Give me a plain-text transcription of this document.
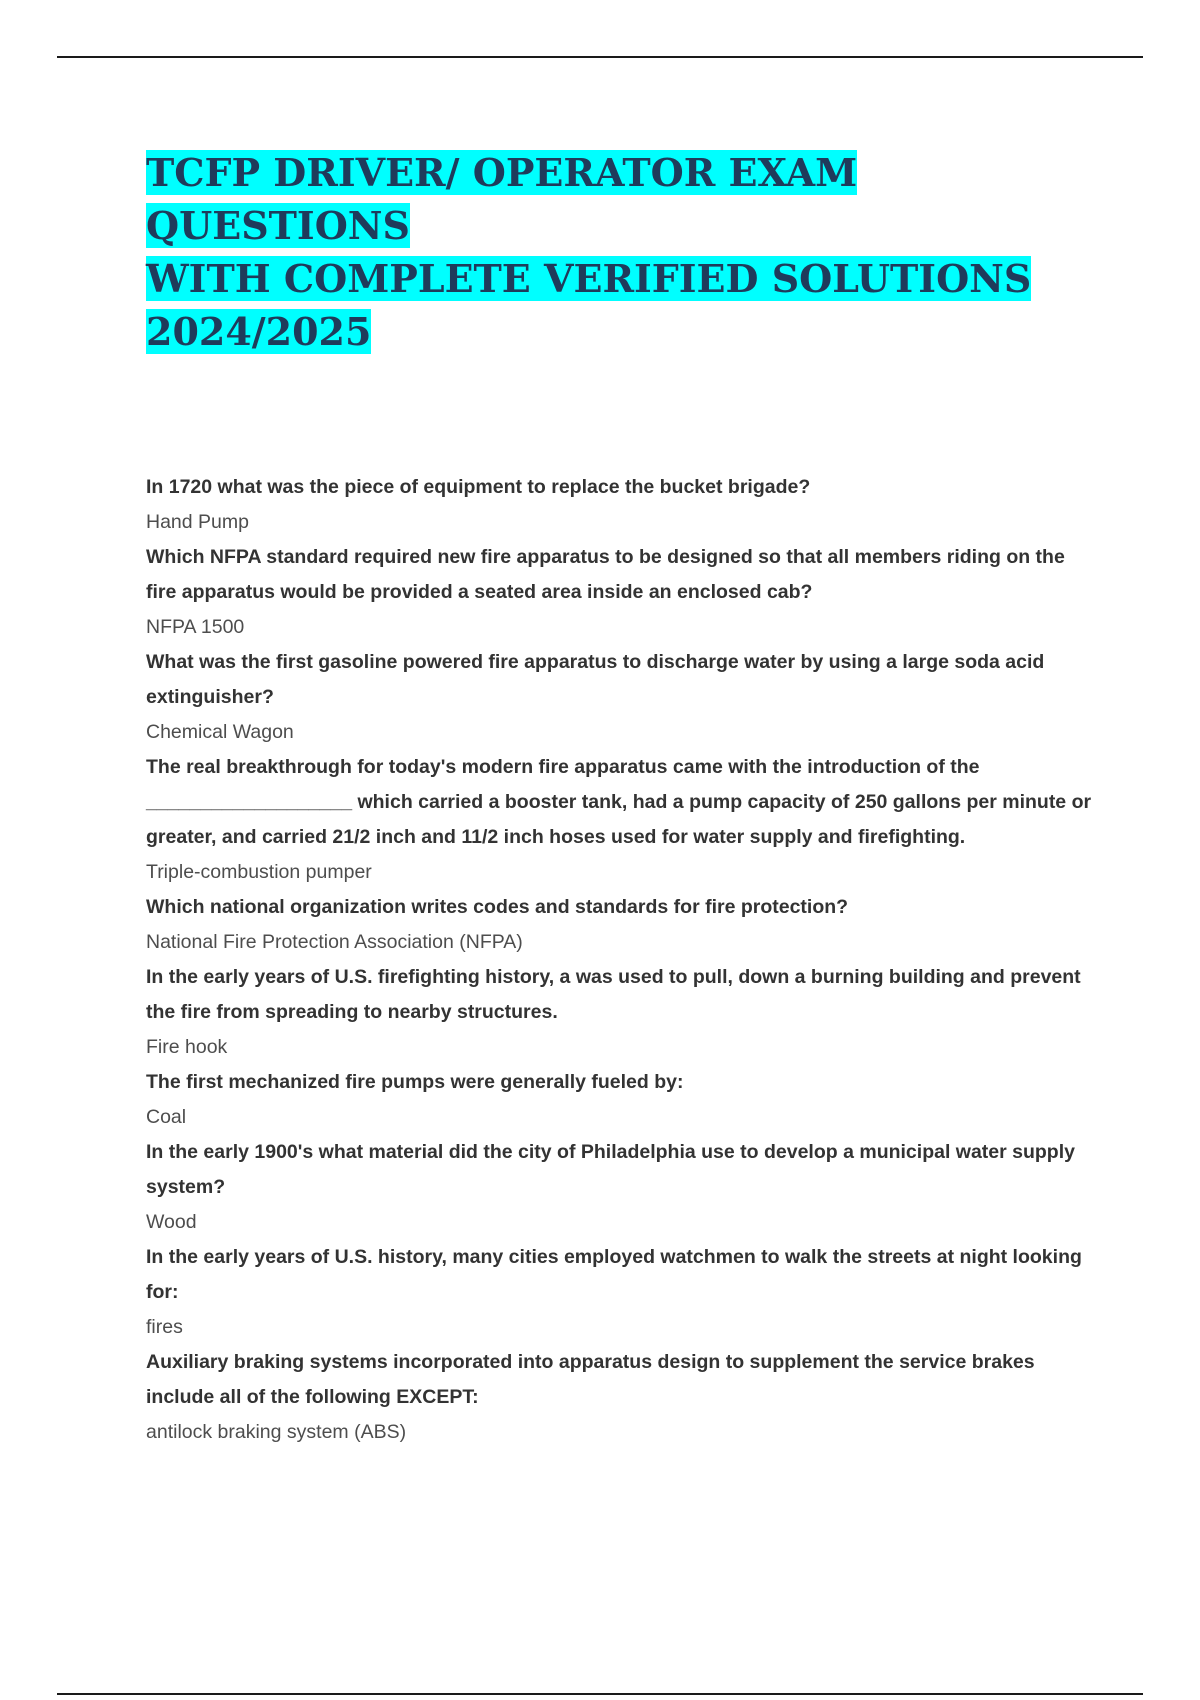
TCFP DRIVER/ OPERATOR EXAM QUESTIONS
WITH COMPLETE VERIFIED SOLUTIONS
2024/2025

In 1720 what was the piece of equipment to replace the bucket brigade?

Hand Pump

Which NFPA standard required new fire apparatus to be designed so that all members riding on the fire apparatus would be provided a seated area inside an enclosed cab?

NFPA 1500

What was the first gasoline powered fire apparatus to discharge water by using a large soda acid extinguisher?

Chemical Wagon

The real breakthrough for today's modern fire apparatus came with the introduction of the ___________________ which carried a booster tank, had a pump capacity of 250 gallons per minute or greater, and carried 21/2 inch and 11/2 inch hoses used for water supply and firefighting.

Triple-combustion pumper

Which national organization writes codes and standards for fire protection?

National Fire Protection Association (NFPA)

In the early years of U.S. firefighting history, a was used to pull, down a burning building and prevent the fire from spreading to nearby structures.

Fire hook

The first mechanized fire pumps were generally fueled by:

Coal

In the early 1900's what material did the city of Philadelphia use to develop a municipal water supply system?

Wood

In the early years of U.S. history, many cities employed watchmen to walk the streets at night looking for:

fires

Auxiliary braking systems incorporated into apparatus design to supplement the service brakes include all of the following EXCEPT:

antilock braking system (ABS)
